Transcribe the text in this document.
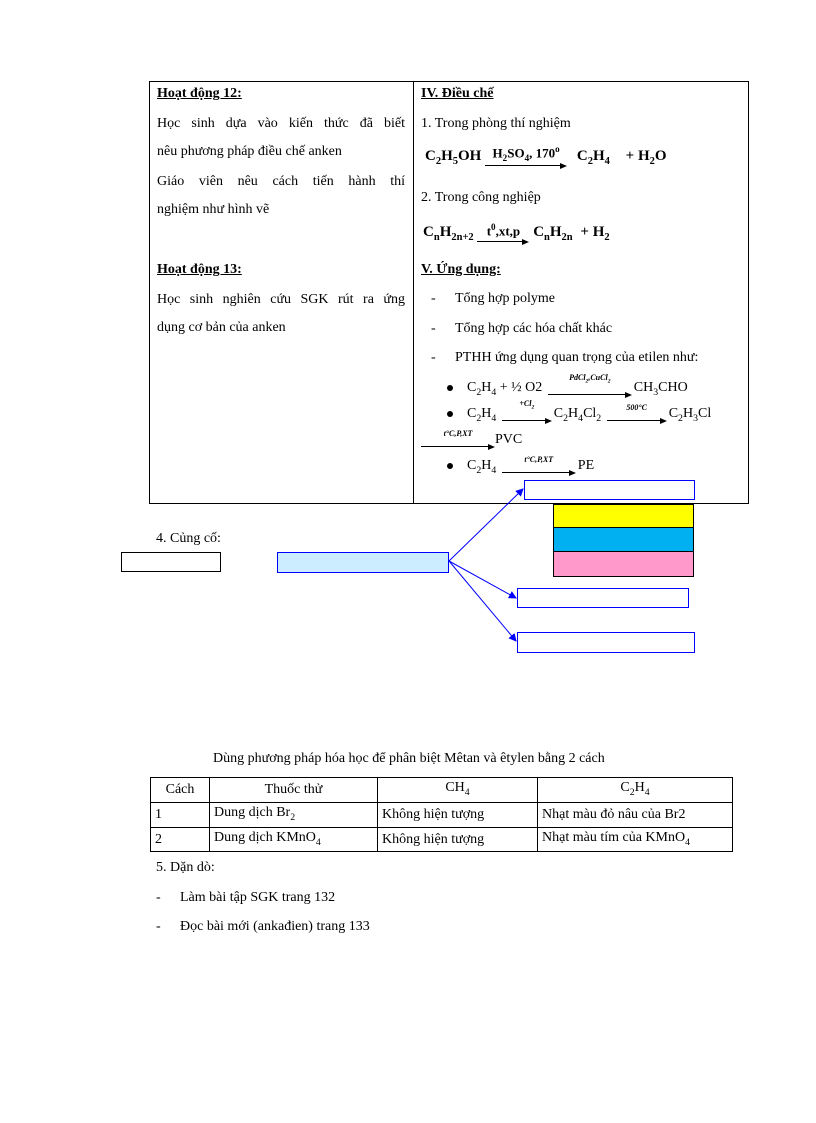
Hoạt động 12:
Học sinh dựa vào kiến thức đã biết
nêu phương pháp điều chế anken
Giáo viên nêu cách tiến hành thí
nghiệm như hình vẽ
Hoạt động 13:
Học sinh nghiên cứu SGK rút ra ứng
dụng cơ bản của anken
IV. Điều chế
1. Trong phòng thí nghiệm
$C_2H_5OH$ $H_2SO_4$, 170$^o$	$C_2H_4 + H_2O$
2. Trong công nghiệp
$C_nH_{2n+2}$	$t^0,xt,p$ $C_nH_{2n} + H_2$
V. Ứng dụng:
- Tổng hợp polyme
- Tổng hợp các hóa chất khác
- PTHH ứng dụng quan trọng của etilen như:
$C_2H_4$ + ½ O2
PdCl$_2$,CuCl$_2$	$CH_3CHO$
$C_2H_4$
$+Cl_2$	$C_2H_4Cl_2$
500°C	$C_2H_3Cl$
t°C,P,XT	PVC
$C_2H_4$
t°C,P,XT	PE
4. Củng cố:
Dùng phương pháp hóa học để phân biệt Mêtan và êtylen bằng 2 cách
Cách	Thuốc thử	$CH_4$	$C_2H_4$
1	Dung dịch $Br_2$	Không hiện tượng	Nhạt màu đỏ nâu của Br2
2	Dung dịch KMnO$_4$	Không hiện tượng	Nhạt màu tím của KMnO$_4$
5. Dặn dò:
- Làm bài tập SGK trang 132
- Đọc bài mới (ankađien) trang 133
